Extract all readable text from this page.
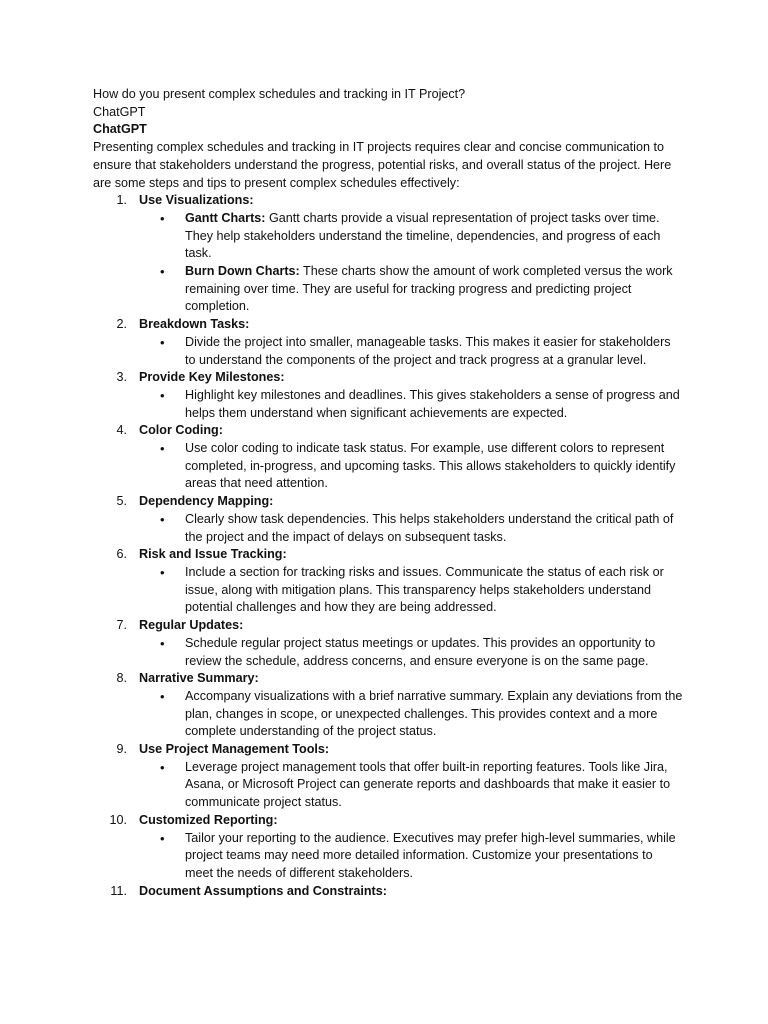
How do you present complex schedules and tracking in IT Project?

ChatGPT

ChatGPT

Presenting complex schedules and tracking in IT projects requires clear and concise communication to ensure that stakeholders understand the progress, potential risks, and overall status of the project. Here are some steps and tips to present complex schedules effectively:

1. Use Visualizations:
• Gantt Charts: Gantt charts provide a visual representation of project tasks over time. They help stakeholders understand the timeline, dependencies, and progress of each task.
• Burn Down Charts: These charts show the amount of work completed versus the work remaining over time. They are useful for tracking progress and predicting project completion.
2. Breakdown Tasks:
• Divide the project into smaller, manageable tasks. This makes it easier for stakeholders to understand the components of the project and track progress at a granular level.
3. Provide Key Milestones:
• Highlight key milestones and deadlines. This gives stakeholders a sense of progress and helps them understand when significant achievements are expected.
4. Color Coding:
• Use color coding to indicate task status. For example, use different colors to represent completed, in-progress, and upcoming tasks. This allows stakeholders to quickly identify areas that need attention.
5. Dependency Mapping:
• Clearly show task dependencies. This helps stakeholders understand the critical path of the project and the impact of delays on subsequent tasks.
6. Risk and Issue Tracking:
• Include a section for tracking risks and issues. Communicate the status of each risk or issue, along with mitigation plans. This transparency helps stakeholders understand potential challenges and how they are being addressed.
7. Regular Updates:
• Schedule regular project status meetings or updates. This provides an opportunity to review the schedule, address concerns, and ensure everyone is on the same page.
8. Narrative Summary:
• Accompany visualizations with a brief narrative summary. Explain any deviations from the plan, changes in scope, or unexpected challenges. This provides context and a more complete understanding of the project status.
9. Use Project Management Tools:
• Leverage project management tools that offer built-in reporting features. Tools like Jira, Asana, or Microsoft Project can generate reports and dashboards that make it easier to communicate project status.
10. Customized Reporting:
• Tailor your reporting to the audience. Executives may prefer high-level summaries, while project teams may need more detailed information. Customize your presentations to meet the needs of different stakeholders.
11. Document Assumptions and Constraints:
